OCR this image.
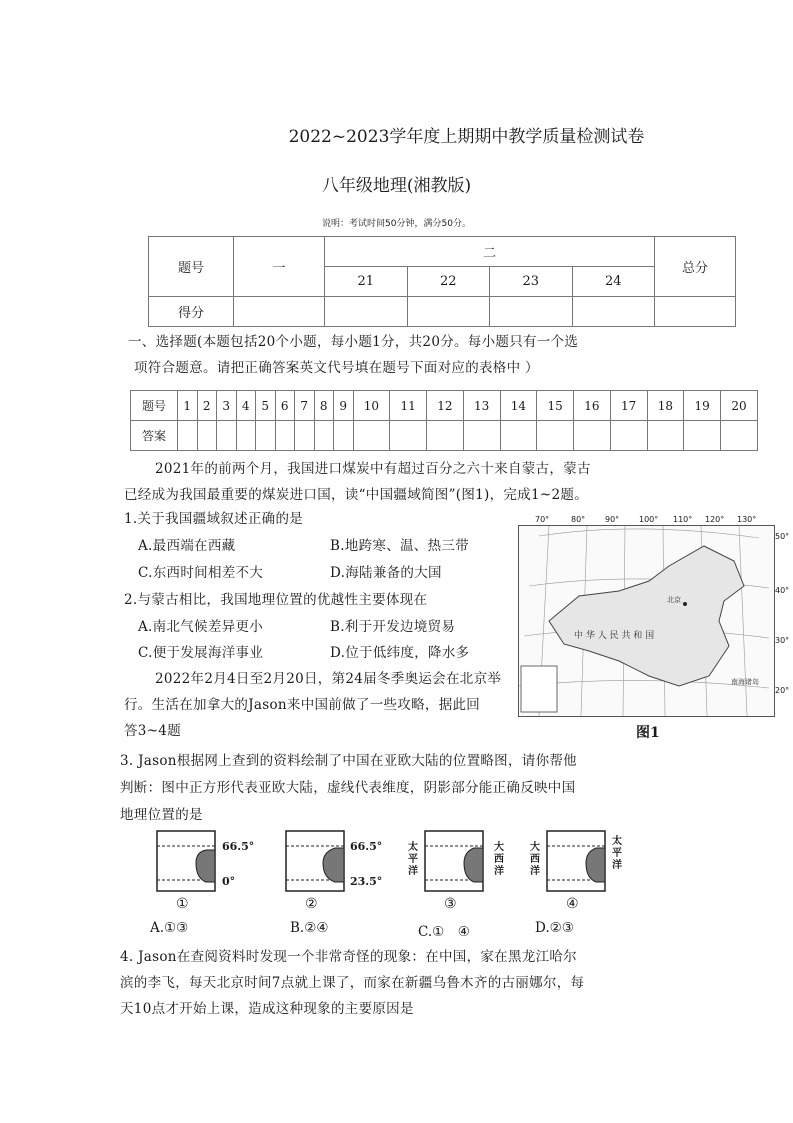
2022~2023学年度上期期中教学质量检测试卷
八年级地理(湘教版)
说明：考试时间50分钟，满分50分。
题号	一	二				总分
		21	22	23	24	
得分						
一、选择题(本题包括20个小题，每小题1分，共20分。每小题只有一个选
项符合题意。请把正确答案英文代号填在题号下面对应的表格中 ）
题号	1	2	3	4	5	6	7	8	9	10	11	12	13	14	15	16	17	18	19	20
答案																				
2021年的前两个月，我国进口煤炭中有超过百分之六十来自蒙古，蒙古
已经成为我国最重要的煤炭进口国，读“中国疆域简图”(图1)，完成1~2题。
1.关于我国疆域叙述正确的是
A.最西端在西藏	B.地跨寒、温、热三带
C.东西时间相差不大	D.海陆兼备的大国
2.与蒙古相比，我国地理位置的优越性主要体现在
A.南北气候差异更小	B.利于开发边境贸易
C.便于发展海洋事业	D.位于低纬度，降水多
2022年2月4日至2月20日，第24届冬季奥运会在北京举
行。生活在加拿大的Jason来中国前做了一些攻略，据此回
答3~4题
北京
中 华 人 民 共 和 国
南海诸岛
70°	80° 90° 100° 110° 120° 130°
50°
40°
30°
20°
图1
3. Jason根据网上查到的资料绘制了中国在亚欧大陆的位置略图，请你帮他
判断：图中正方形代表亚欧大陆，虚线代表维度，阴影部分能正确反映中国
地理位置的是
66.5°
0°
66.5°
23.5°
太平洋
大西洋
大西洋
太平洋
①	②	③	④
A.①③	B.②④	C.①　④	D.②③
4. Jason在查阅资料时发现一个非常奇怪的现象：在中国，家在黑龙江哈尔
滨的李飞，每天北京时间7点就上课了，而家在新疆乌鲁木齐的古丽娜尔，每
天10点才开始上课，造成这种现象的主要原因是
